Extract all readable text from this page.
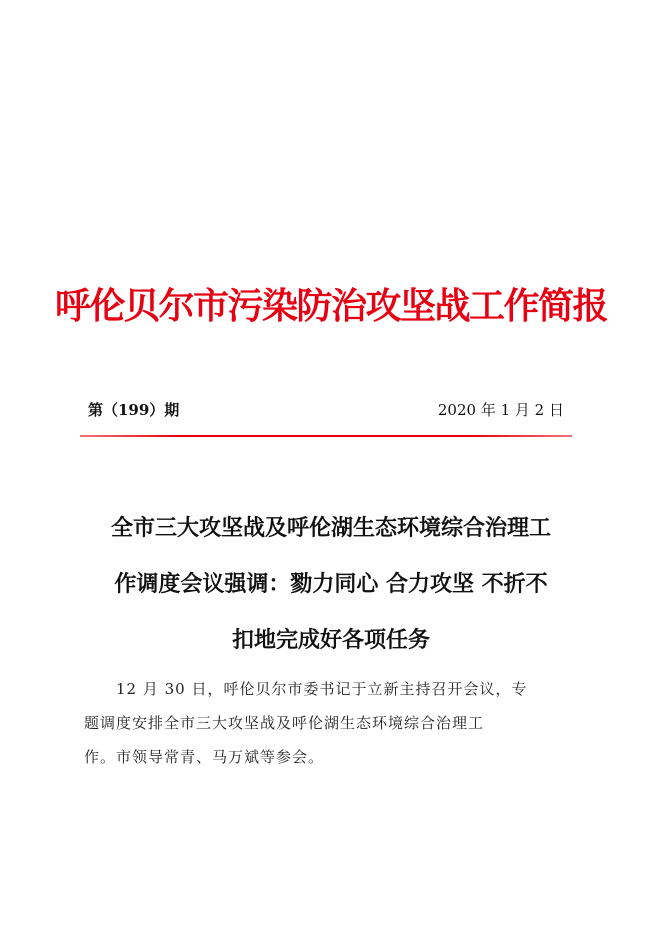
呼伦贝尔市污染防治攻坚战工作简报
第（199）期	2020 年 1 月 2 日
全市三大攻坚战及呼伦湖生态环境综合治理工
作调度会议强调：勠力同心 合力攻坚 不折不
扣地完成好各项任务

12 月 30 日，呼伦贝尔市委书记于立新主持召开会议，专
题调度安排全市三大攻坚战及呼伦湖生态环境综合治理工
作。市领导常青、马万斌等参会。
